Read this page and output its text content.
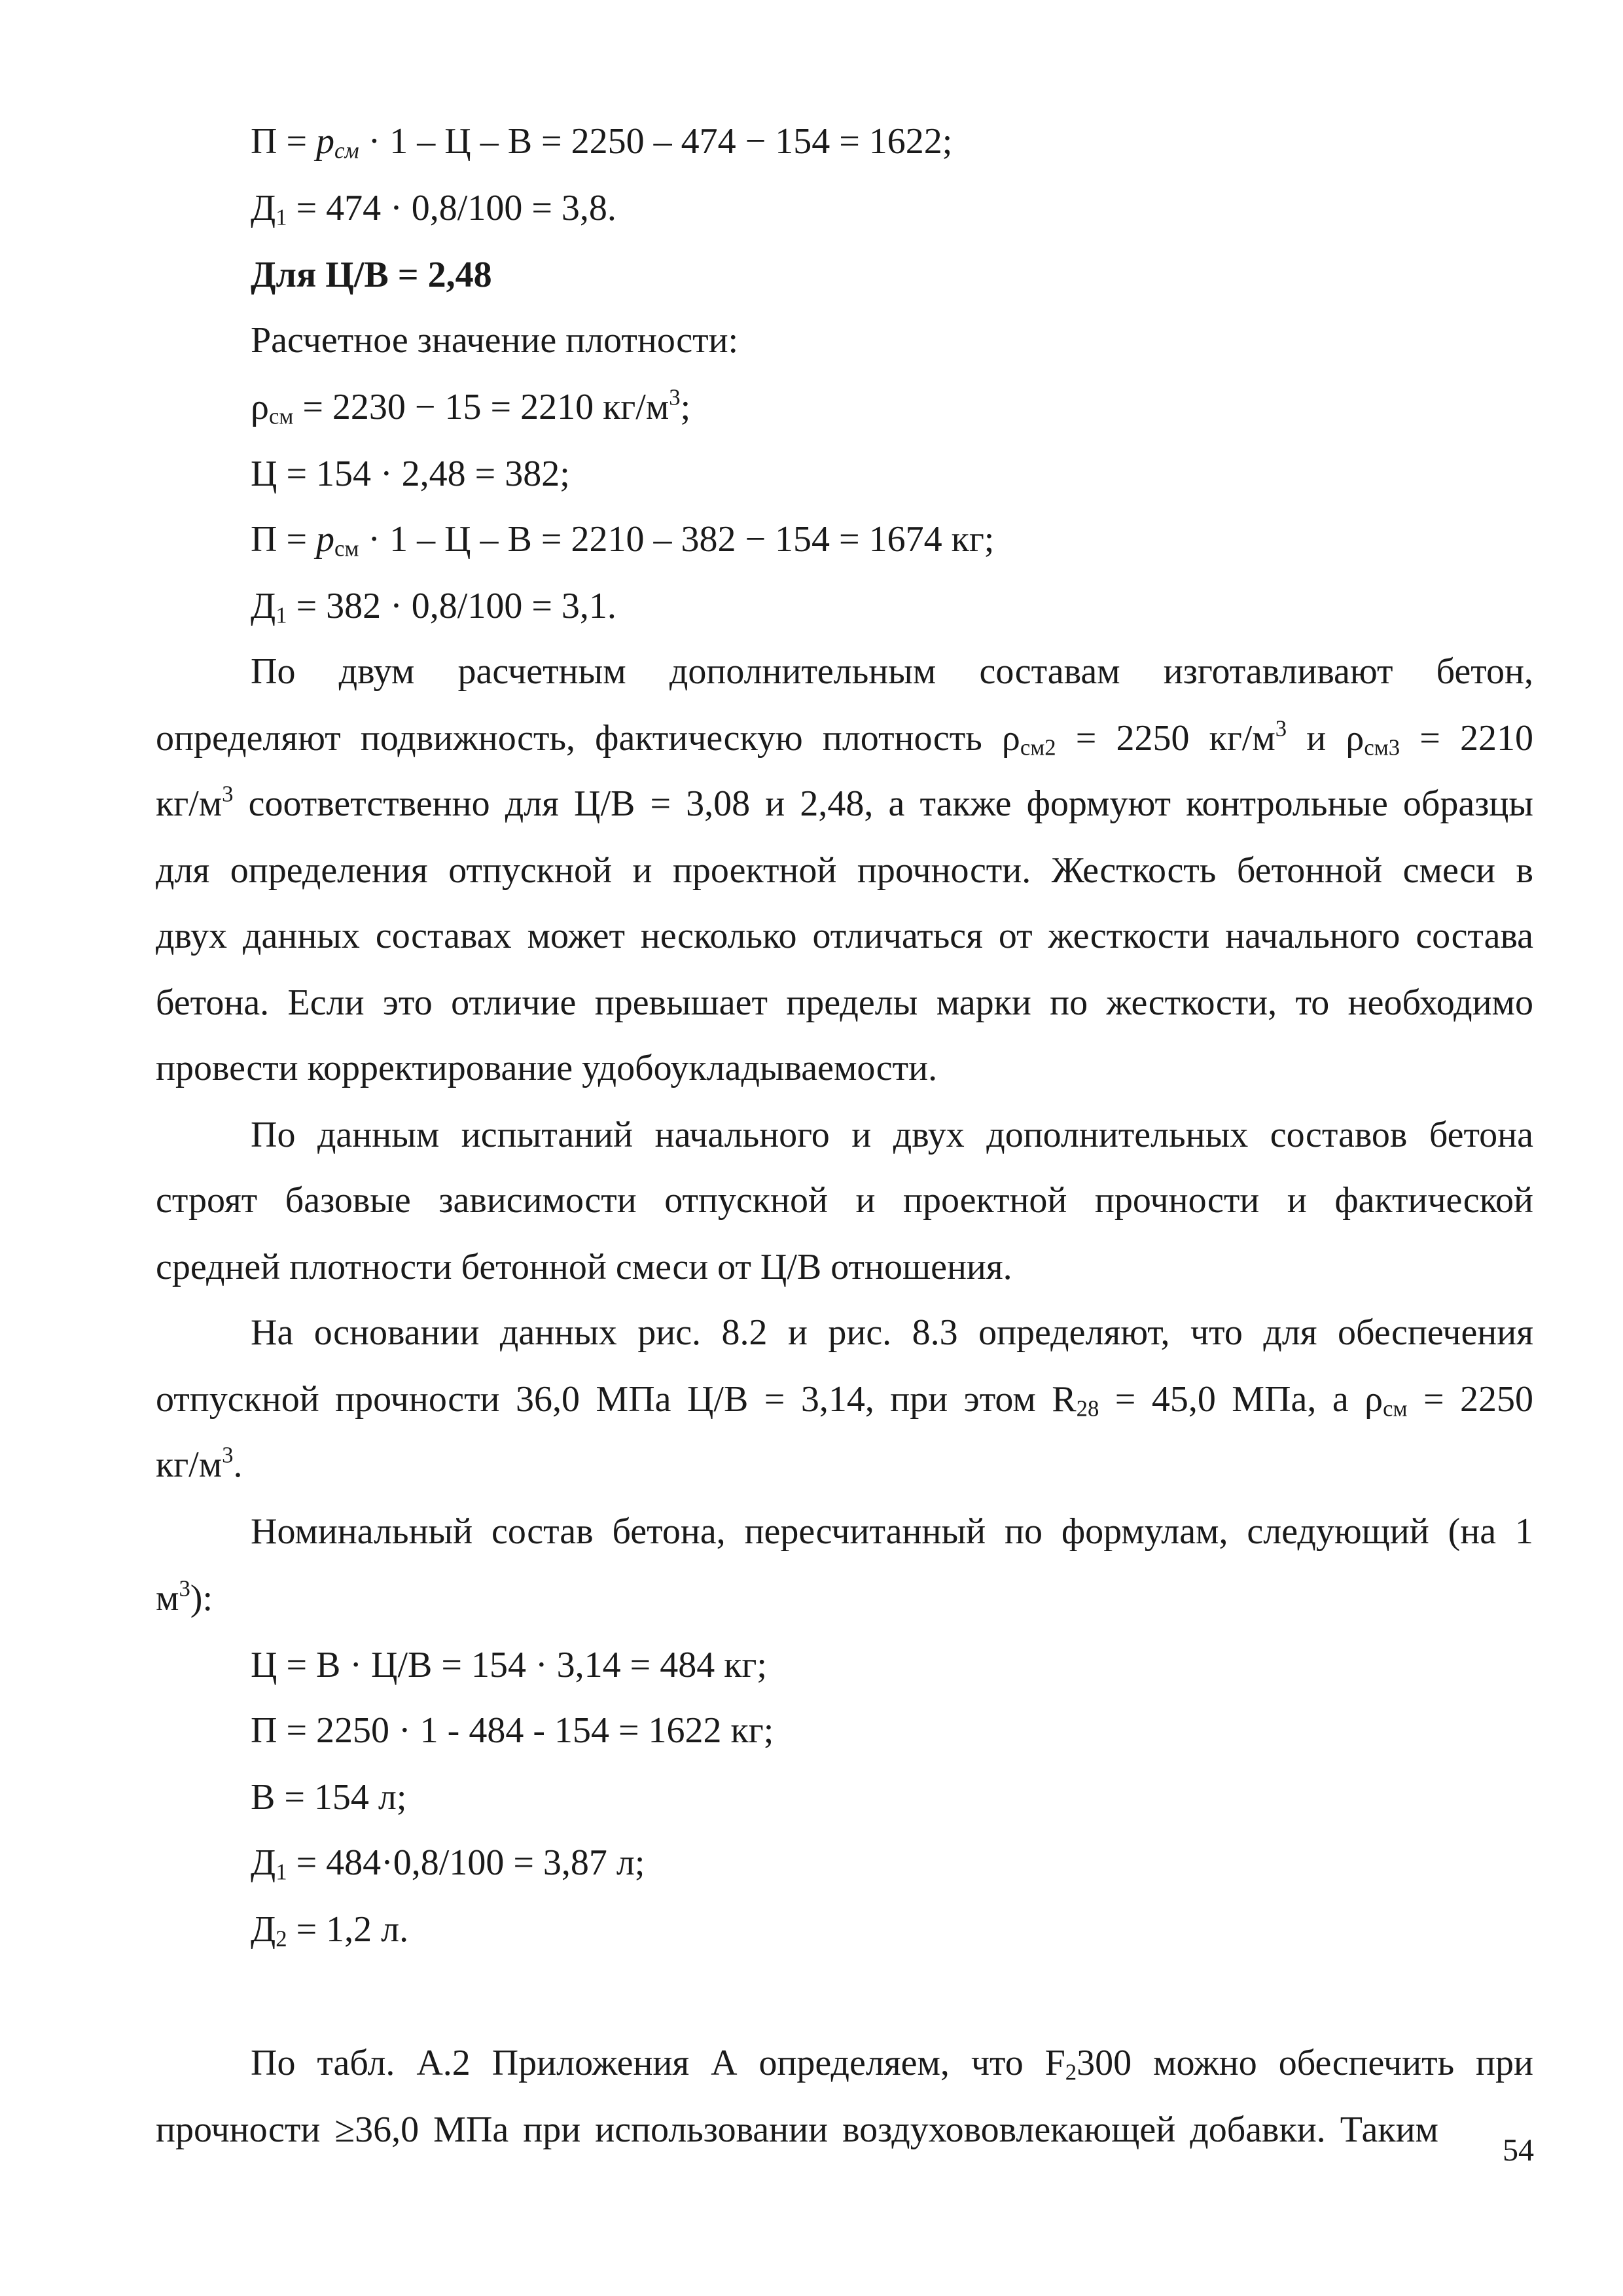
$П = p_{см} \cdot 1 - Ц - В = 2250 - 474 - 154 = 1622$;
$Д_1 = 474 \cdot 0,8/100 = 3,8$.
Для Ц/В = 2,48
Расчетное значение плотности:
$\rho_{см} = 2230 - 15 = 2210$ $кг/м^3$;
Ц = 154 · 2,48 = 382;
$П = p_{см} \cdot 1 - Ц - В = 2210 - 382 - 154 = 1674$ кг;
$Д_1 = 382 \cdot 0,8/100 = 3,1$.
По двум расчетным дополнительным составам изготавливают бетон,
определяют подвижность, фактическую плотность $\rho_{см2} = 2250$ $кг/м^3$ и $\rho_{см3} = 2210$
$кг/м^3$ соответственно для Ц/В = 3,08 и 2,48, а также формуют контрольные образцы
для определения отпускной и проектной прочности. Жесткость бетонной смеси в
двух данных составах может несколько отличаться от жесткости начального состава
бетона. Если это отличие превышает пределы марки по жесткости, то необходимо
провести корректирование удобоукладываемости.
По данным испытаний начального и двух дополнительных составов бетона
строят базовые зависимости отпускной и проектной прочности и фактической
средней плотности бетонной смеси от Ц/В отношения.
На основании данных рис. 8.2 и рис. 8.3 определяют, что для обеспечения
отпускной прочности 36,0 МПа Ц/В = 3,14, при этом $R_{28} = 45,0$ МПа, а $\rho_{см} = 2250$
$кг/м^3$.
Номинальный состав бетона, пересчитанный по формулам, следующий (на 1
$м^3$):
Ц = В · Ц/В = 154 · 3,14 = 484 кг;
П = 2250 · 1 - 484 - 154 = 1622 кг;
В = 154 л;
$Д_1 = 484\cdot 0,8/100 = 3,87$ л;
$Д_2 = 1,2$ л.
По табл. А.2 Приложения А определяем, что $F_2300$ можно обеспечить при
прочности ≥36,0 МПа при использовании воздухововлекающей добавки. Таким
54
